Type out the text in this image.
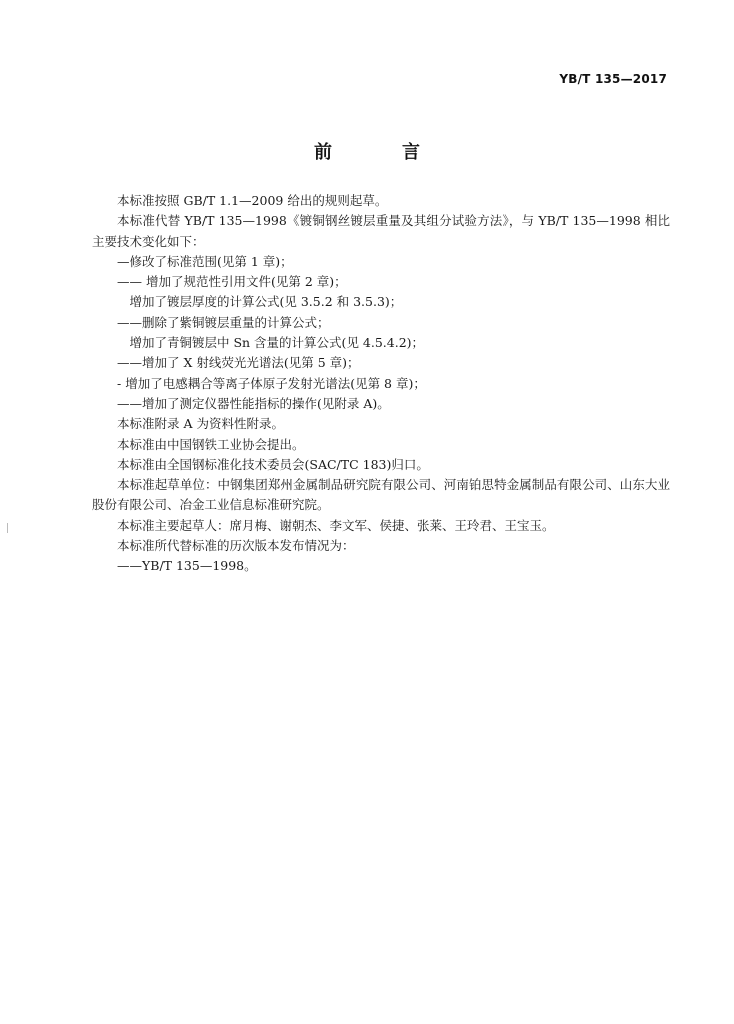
YB/T 135—2017
前　言

本标准按照 GB/T 1.1—2009 给出的规则起草。

本标准代替 YB/T 135—1998《镀铜钢丝镀层重量及其组分试验方法》，与 YB/T 135—1998 相比主要技术变化如下：

—修改了标准范围(见第 1 章)；

—— 增加了规范性引用文件(见第 2 章)；

　增加了镀层厚度的计算公式(见 3.5.2 和 3.5.3)；

——删除了紫铜镀层重量的计算公式；

　增加了青铜镀层中 Sn 含量的计算公式(见 4.5.4.2)；

——增加了 X 射线荧光光谱法(见第 5 章)；

- 增加了电感耦合等离子体原子发射光谱法(见第 8 章)；

——增加了测定仪器性能指标的操作(见附录 A)。

本标准附录 A 为资料性附录。

本标准由中国钢铁工业协会提出。

本标准由全国钢标准化技术委员会(SAC/TC 183)归口。

本标准起草单位：中钢集团郑州金属制品研究院有限公司、河南铂思特金属制品有限公司、山东大业股份有限公司、冶金工业信息标准研究院。

本标准主要起草人：席月梅、谢朝杰、李文军、侯捷、张莱、王玲君、王宝玉。

本标准所代替标准的历次版本发布情况为：

——YB/T 135—1998。
